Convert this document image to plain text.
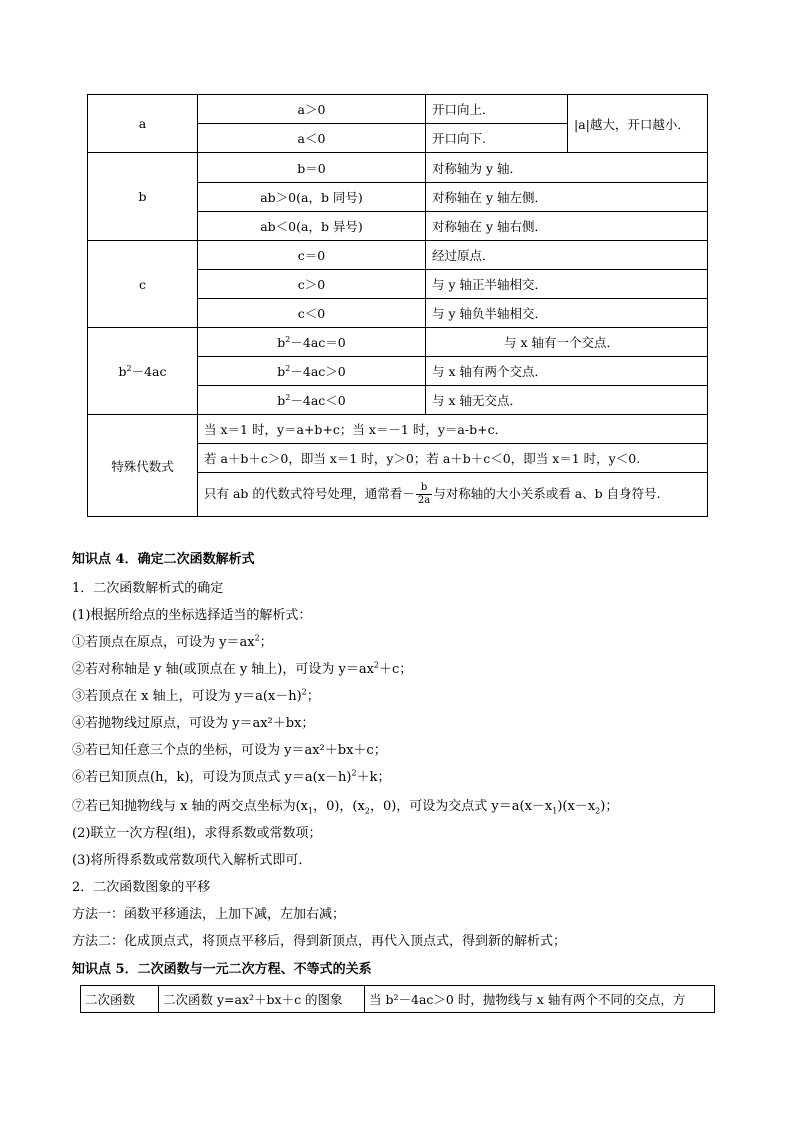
a	a＞0	开口向上．	|a|越大，开口越小．
	a＜0	开口向下.	
b	b＝0	对称轴为 y 轴．	
	ab＞0(a，b 同号)	对称轴在 y 轴左侧．	
	ab＜0(a，b 异号)	对称轴在 y 轴右侧．	
c	c＝0	经过原点．	
	c＞0	与 y 轴正半轴相交．	
	c＜0	与 y 轴负半轴相交．	
$b^2-4ac$	$b^2-4ac=0$	与 x 轴有一个交点．	
	$b^2-4ac>0$	与 x 轴有两个交点．	
	$b^2-4ac<0$	与 x 轴无交点．	
特殊代数式	当 x＝1 时，y＝a+b+c；当 x＝－1 时，y＝a-b+c．		
	若 a＋b＋c＞0，即当 x＝1 时，y＞0；若 a＋b＋c＜0，即当 x＝1 时，y＜0.		
	只有 ab 的代数式符号处理，通常看－ $\frac{b}{2a}$ 与对称轴的大小关系或看 a、b 自身符号.		
知识点 4．确定二次函数解析式
1．二次函数解析式的确定
(1)根据所给点的坐标选择适当的解析式：
①若顶点在原点，可设为 $y=ax^2$；
②若对称轴是 y 轴(或顶点在 y 轴上)，可设为 $y=ax^2+c$；
③若顶点在 x 轴上，可设为 $y=a(x-h)^2$；
④若抛物线过原点，可设为 y＝ax²＋bx；
⑤若已知任意三个点的坐标，可设为 y＝ax²＋bx＋c；
⑥若已知顶点(h，k)，可设为顶点式 $y=a(x-h)^2+k$；
⑦若已知抛物线与 x 轴的两交点坐标为($x_1$，0)，($x_2$，0)，可设为交点式 $y=a(x-x_1)(x-x_2)$；
(2)联立一次方程(组)，求得系数或常数项；
(3)将所得系数或常数项代入解析式即可．
2．二次函数图象的平移
方法一：函数平移通法，上加下减，左加右减；
方法二：化成顶点式，将顶点平移后，得到新顶点，再代入顶点式，得到新的解析式；
知识点 5．二次函数与一元二次方程、不等式的关系
二次函数	二次函数 y=ax²＋bx＋c 的图象	当 b²－4ac＞0 时，抛物线与 x 轴有两个不同的交点，方
